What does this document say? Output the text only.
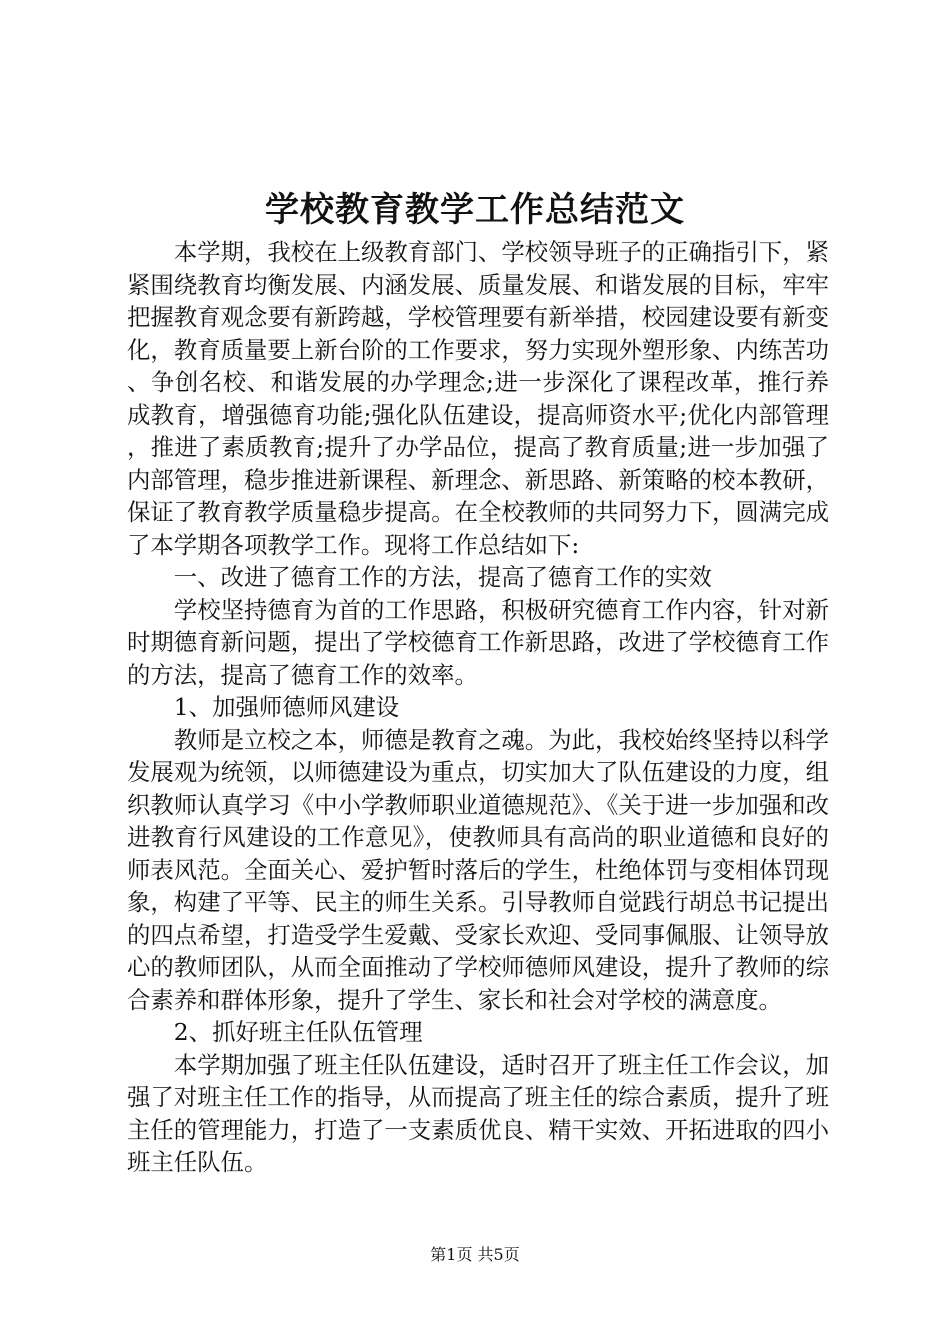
学校教育教学工作总结范文

本学期，我校在上级教育部门、学校领导班子的正确指引下，紧紧围绕教育均衡发展、内涵发展、质量发展、和谐发展的目标，牢牢把握教育观念要有新跨越，学校管理要有新举措，校园建设要有新变化，教育质量要上新台阶的工作要求，努力实现外塑形象、内练苦功、争创名校、和谐发展的办学理念;进一步深化了课程改革，推行养成教育，增强德育功能;强化队伍建设，提高师资水平;优化内部管理，推进了素质教育;提升了办学品位，提高了教育质量;进一步加强了内部管理，稳步推进新课程、新理念、新思路、新策略的校本教研，保证了教育教学质量稳步提高。在全校教师的共同努力下，圆满完成了本学期各项教学工作。现将工作总结如下:

一、改进了德育工作的方法，提高了德育工作的实效

学校坚持德育为首的工作思路，积极研究德育工作内容，针对新时期德育新问题，提出了学校德育工作新思路，改进了学校德育工作的方法，提高了德育工作的效率。

1、加强师德师风建设

教师是立校之本，师德是教育之魂。为此，我校始终坚持以科学发展观为统领，以师德建设为重点，切实加大了队伍建设的力度，组织教师认真学习《中小学教师职业道德规范》、《关于进一步加强和改进教育行风建设的工作意见》，使教师具有高尚的职业道德和良好的师表风范。全面关心、爱护暂时落后的学生，杜绝体罚与变相体罚现象，构建了平等、民主的师生关系。引导教师自觉践行胡总书记提出的四点希望，打造受学生爱戴、受家长欢迎、受同事佩服、让领导放心的教师团队，从而全面推动了学校师德师风建设，提升了教师的综合素养和群体形象，提升了学生、家长和社会对学校的满意度。

2、抓好班主任队伍管理

本学期加强了班主任队伍建设，适时召开了班主任工作会议，加强了对班主任工作的指导，从而提高了班主任的综合素质，提升了班主任的管理能力，打造了一支素质优良、精干实效、开拓进取的四小班主任队伍。

第1页 共5页
